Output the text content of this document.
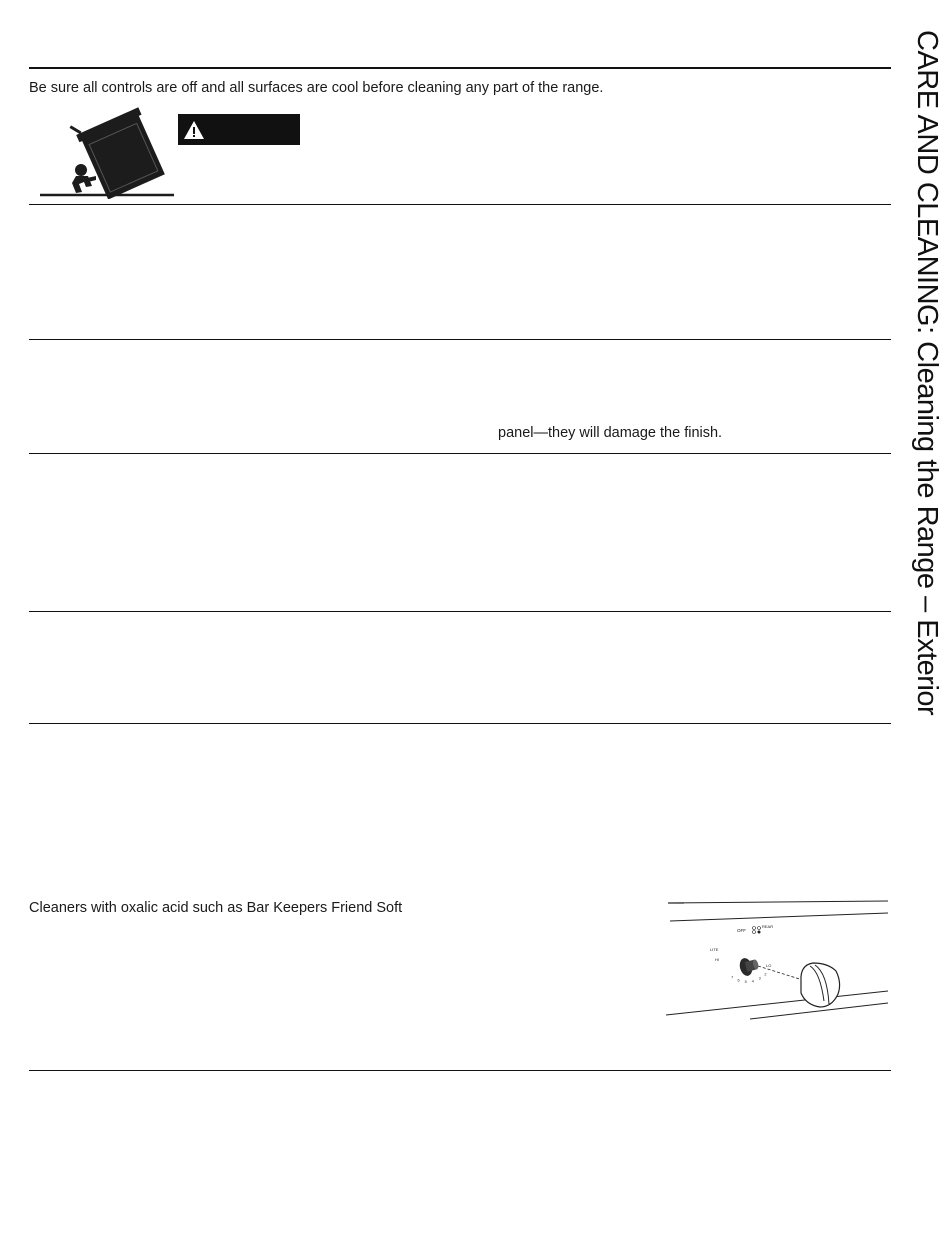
Be sure all controls are off and all surfaces are cool before cleaning any part of the range.
panel—they will damage the finish.
Cleaners with oxalic acid such as Bar Keepers Friend Soft
OFF
REAR
LITE
HI
LO
7
6 5 4
3
2
CARE AND CLEANING: Cleaning the Range – Exterior
